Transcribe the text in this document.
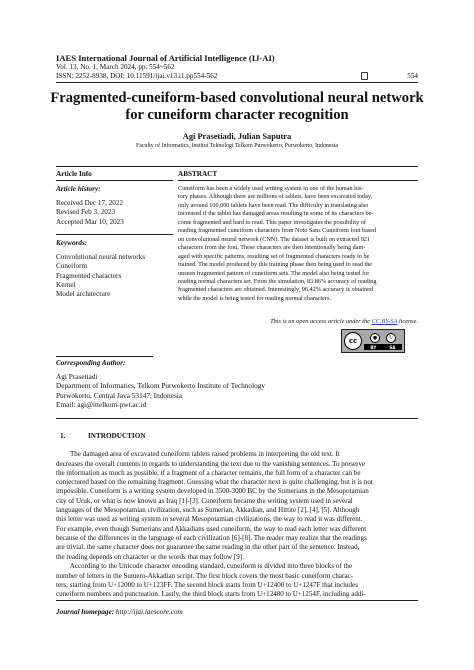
IAES International Journal of Artificial Intelligence (IJ-AI)
Vol. 13, No. 1, March 2024, pp. 554~562
ISSN: 2252-8938, DOI: 10.11591/ijai.v13.i1.pp554-562	554
Fragmented-cuneiform-based convolutional neural network
for cuneiform character recognition
Agi Prasetiadi, Julian Saputra
Faculty of Informatics, Institut Teknologi Telkom Purwokerto, Purwokerto, Indonesia
Article Info	ABSTRACT
Article history:
Received Dec 17, 2022
Revised Feb 3, 2023
Accepted Mar 10, 2023
Keywords:
Convolutional neural networks
Cuneiform
Fragmented characters
Kernel
Model architecture
Cuneiform has been a widely used writing system in one of the human his-
tory phases. Although there are millions of tablets, have been excavated today,
only around 100,000 tablets have been read. The difficulty in translating also
increased if the tablet has damaged areas resulting in some of its characters be-
come fragmented and hard to read. This paper investigates the possibility of
reading fragmented cuneiform characters from Noto Sans Cuneiform font based
on convolutional neural network (CNN). The dataset is built on extracted 921
characters from the font. These characters are then intentionally being dam-
aged with specific patterns, resulting set of fragmented characters ready to be
trained. The model produced by this training phase then being used to read the
unseen fragmented pattern of cuneiform sets. The model also being tested for
reading normal characters set. From the simulation, 83.86% accuracy of reading
fragmented characters are obtained. Interestingly, 96.42% accuracy is obtained
while the model is being tested for reading normal characters.
This is an open access article under the CC BY-SA license.
cc	●	↻
BY	SA
Corresponding Author:
Agi Prasetiadi
Department of Informatics, Telkom Purwokerto Institute of Technology
Purwokerto, Central Java 53147, Indonesia
Email: agi@ittelkom-pwt.ac.id
1.	INTRODUCTION

The damaged area of excavated cuneiform tablets raised problems in interpreting the old text. It
decreases the overall contents in regards to understanding the text due to the vanishing sentences. To preserve
the information as much as possible, if a fragment of a character remains, the full form of a character can be
conjectured based on the remaining fragment. Guessing what the character next is quite challenging, but it is not
impossible. Cuneiform is a writing system developed in 3500-3000 BC by the Sumerians in the Mesopotamian
city of Uruk, or what is now known as Iraq [1]-[3]. Cuneiform became the writing system used in several
languages of the Mesopotamian civilization, such as Sumerian, Akkadian, and Hittite [2], [4], [5]. Although
this letter was used as writing system in several Mesopotamian civilizations, the way to read it was different.
For example, even though Sumerians and Akkadians used cuneiform, the way to read each letter was different
because of the differences in the language of each civilization [6]-[8]. The reader may realize that the readings
are trivial, the same character does not guarantee the same reading in the other part of the sentence. Instead,
the reading depends on character or the words that may follow [9].

According to the Unicode character encoding standard, cuneiform is divided into three blocks of the
number of letters in the Sumero-Akkadian script. The first block covers the most basic cuneiform charac-
ters, starting from U+12000 to U+123FF. The second block starts from U+12400 to U+1247F that includes
cuneiform numbers and punctuation. Lastly, the third block starts from U+12480 to U+1254F, including addi-

Journal homepage: http://ijai.iaescore.com
